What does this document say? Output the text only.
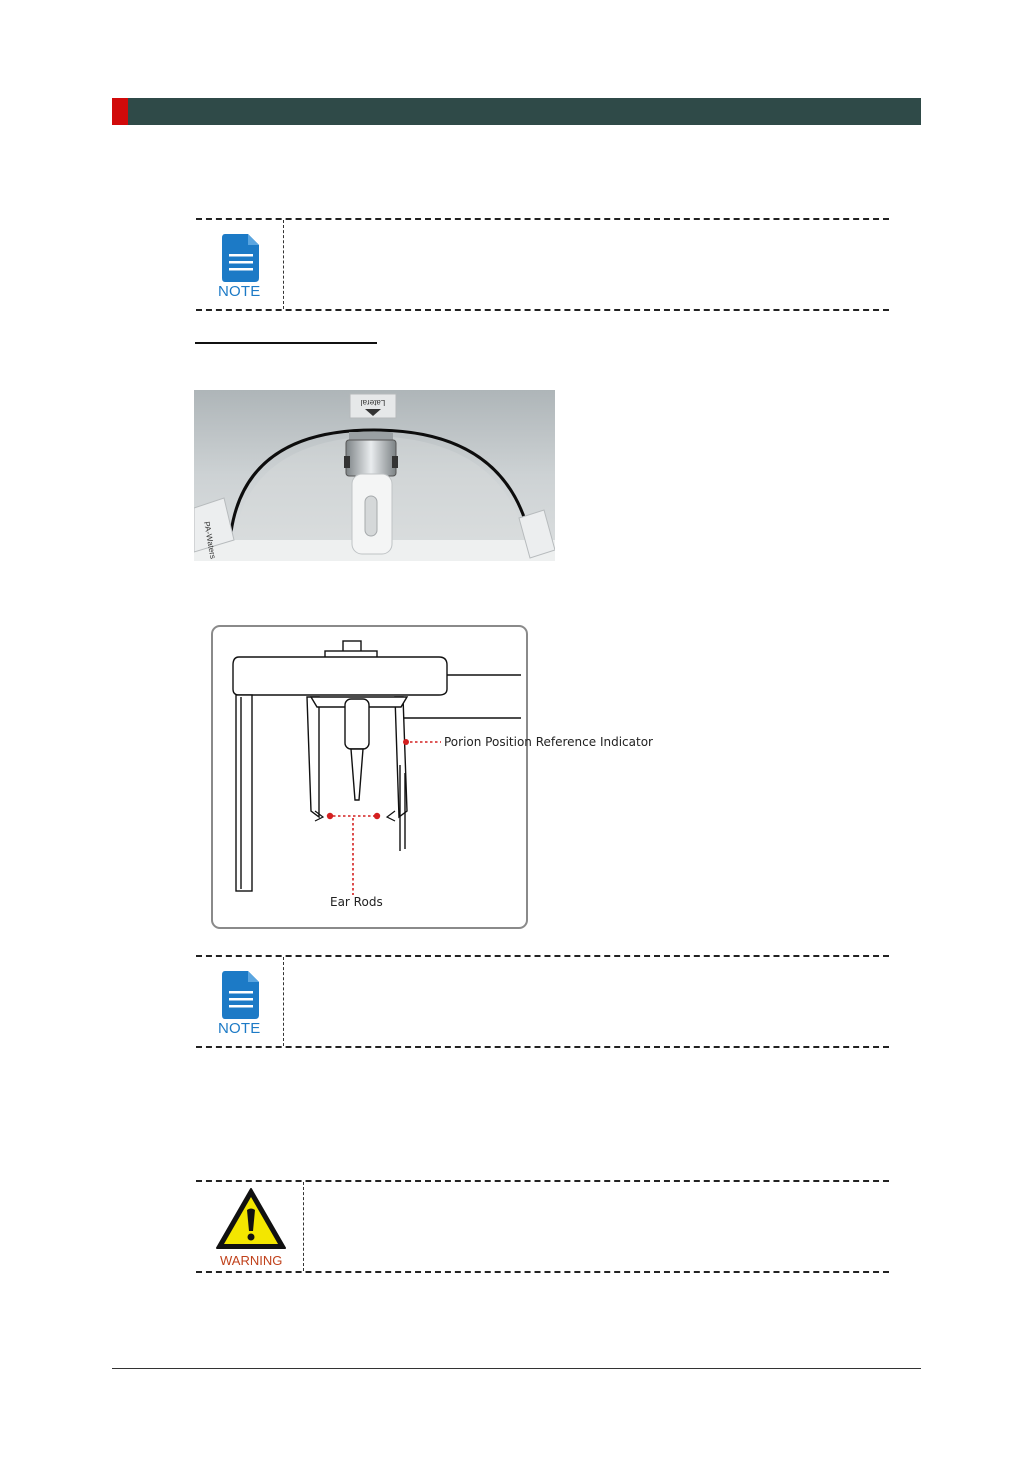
NOTE
Lateral
PA-Waters
Porion Position Reference Indicator
Ear Rods
NOTE
WARNING
